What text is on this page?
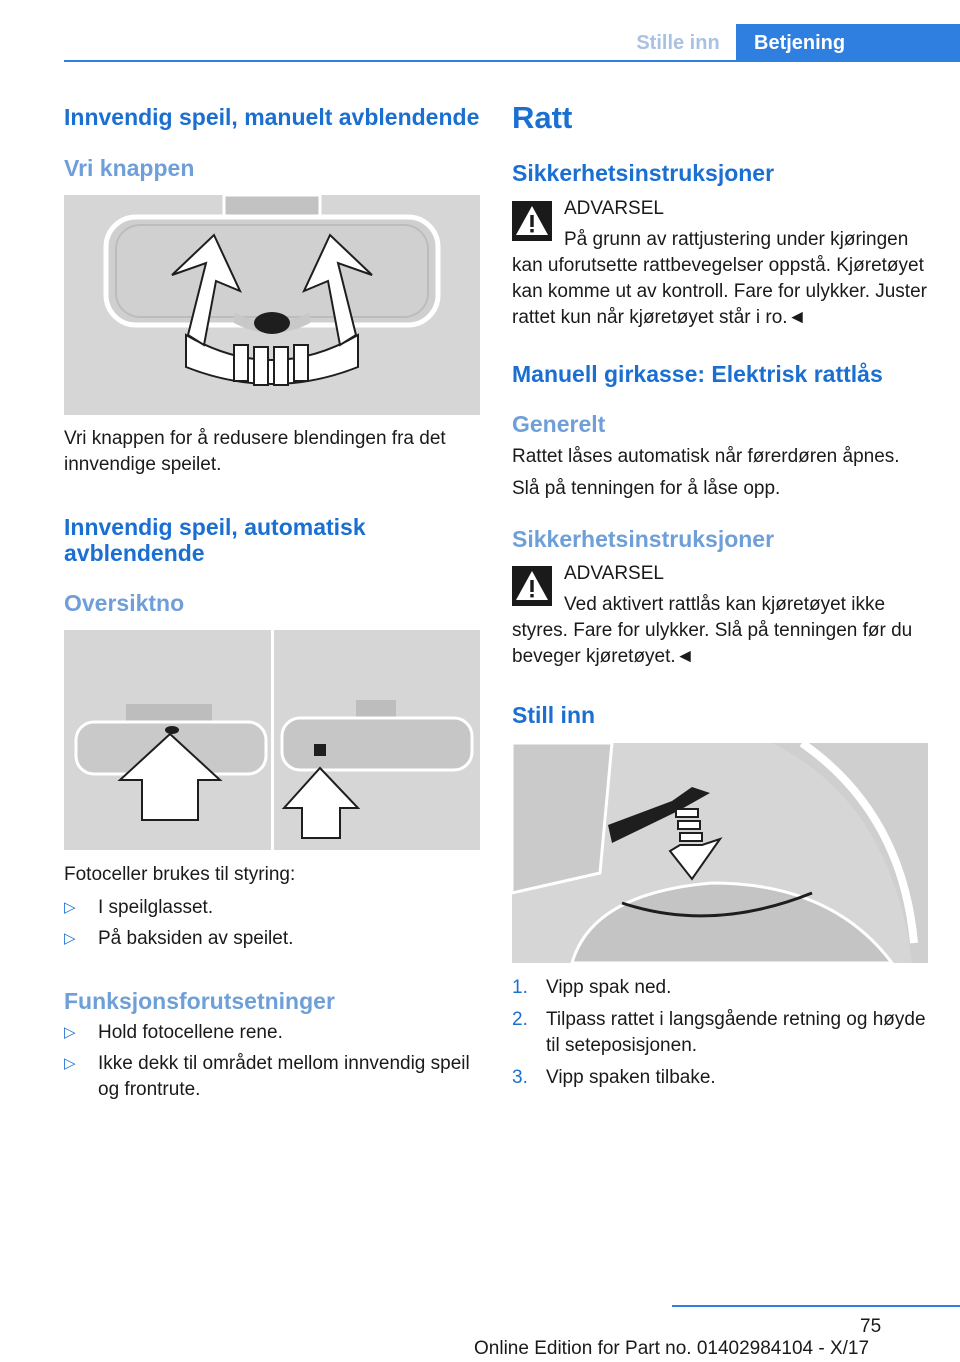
Stille inn	Betjening
Innvendig speil, manuelt avblendende
Vri knappen
Vri knappen for å redusere blendingen fra det innvendige speilet.
Innvendig speil, automatisk avblendende
Oversiktno
Fotoceller brukes til styring:
▷ I speilglasset.
▷ På baksiden av speilet.
Funksjonsforutsetninger
▷ Hold fotocellene rene.
▷ Ikke dekk til området mellom innvendig speil og frontrute.
Ratt
Sikkerhetsinstruksjoner
ADVARSEL
På grunn av rattjustering under kjøringen kan uforutsette rattbevegelser oppstå. Kjøretøyet kan komme ut av kontroll. Fare for ulykker. Juster rattet kun når kjøretøyet står i ro.◄
Manuell girkasse: Elektrisk rattlås
Generelt
Rattet låses automatisk når førerdøren åpnes.
Slå på tenningen for å låse opp.
Sikkerhetsinstruksjoner
ADVARSEL
Ved aktivert rattlås kan kjøretøyet ikke styres. Fare for ulykker. Slå på tenningen før du beveger kjøretøyet.◄
Still inn
1. Vipp spak ned.
2. Tilpass rattet i langsgående retning og høyde til seteposisjonen.
3. Vipp spaken tilbake.
75
Online Edition for Part no. 01402984104 - X/17
